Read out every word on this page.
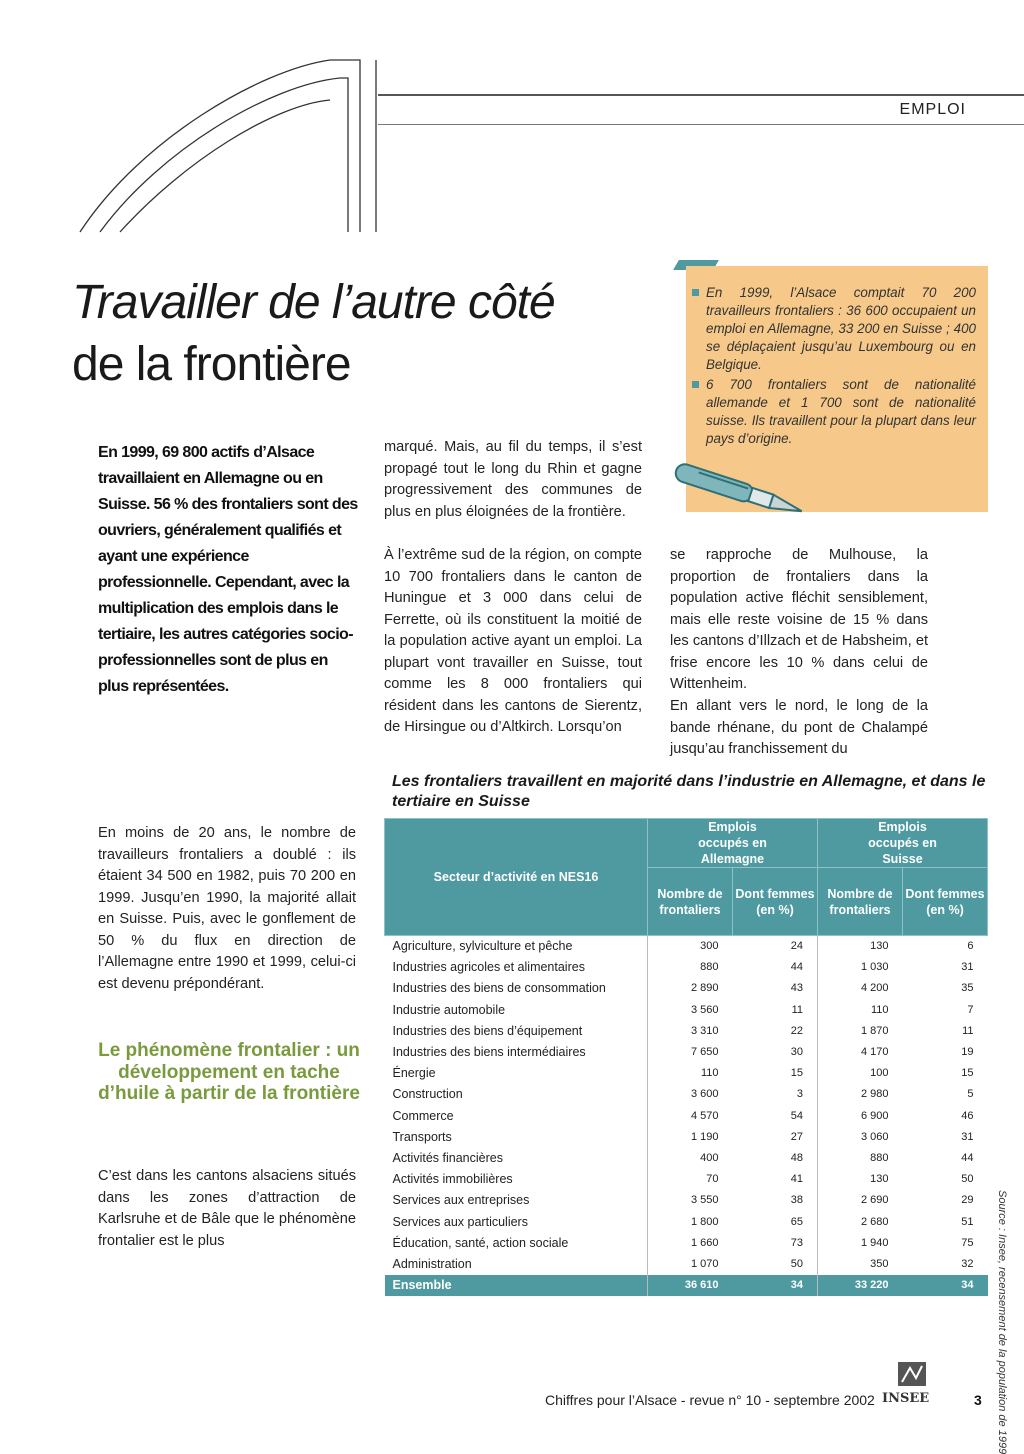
EMPLOI
Travailler de l’autre côté
de la frontière

En 1999, l’Alsace comptait 70 200 travailleurs frontaliers : 36 600 occupaient un emploi en Allemagne, 33 200 en Suisse ; 400 se déplaçaient jusqu’au Luxembourg ou en Belgique.

6 700 frontaliers sont de nationalité allemande et 1 700 sont de nationalité suisse. Ils travaillent pour la plupart dans leur pays d’origine.

En 1999, 69 800 actifs d’Alsace travaillaient en Allemagne ou en Suisse. 56 % des frontaliers sont des ouvriers, généralement qualifiés et ayant une expérience professionnelle. Cependant, avec la multiplication des emplois dans le tertiaire, les autres catégories socio-professionnelles sont de plus en plus représentées.
En moins de 20 ans, le nombre de travailleurs frontaliers a doublé : ils étaient 34 500 en 1982, puis 70 200 en 1999. Jusqu’en 1990, la majorité allait en Suisse. Puis, avec le gonflement de 50 % du flux en direction de l’Allemagne entre 1990 et 1999, celui-ci est devenu prépondérant.
Le phénomène frontalier : un développement en tache d’huile à partir de la frontière
C’est dans les cantons alsaciens situés dans les zones d’attraction de Karlsruhe et de Bâle que le phénomène frontalier est le plus
marqué. Mais, au fil du temps, il s’est propagé tout le long du Rhin et gagne progressivement des communes de plus en plus éloignées de la frontière.
À l’extrême sud de la région, on compte 10 700 frontaliers dans le canton de Huningue et 3 000 dans celui de Ferrette, où ils constituent la moitié de la population active ayant un emploi. La plupart vont travailler en Suisse, tout comme les 8 000 frontaliers qui résident dans les cantons de Sierentz, de Hirsingue ou d’Altkirch. Lorsqu’on
se rapproche de Mulhouse, la proportion de frontaliers dans la population active fléchit sensiblement, mais elle reste voisine de 15 % dans les cantons d’Illzach et de Habsheim, et frise encore les 10 % dans celui de Wittenheim.
En allant vers le nord, le long de la bande rhénane, du pont de Chalampé jusqu’au franchissement du
Les frontaliers travaillent en majorité dans l’industrie en Allemagne, et dans le tertiaire en Suisse
Secteur d’activité en NES16	Emplois occupés en Allemagne		Emplois occupés en Suisse	
	Nombre de frontaliers	Dont femmes (en %)	Nombre de frontaliers	Dont femmes (en %)
Agriculture, sylviculture et pêche	300	24	130	6
Industries agricoles et alimentaires	880	44	1 030	31
Industries des biens de consommation	2 890	43	4 200	35
Industrie automobile	3 560	11	110	7
Industries des biens d’équipement	3 310	22	1 870	11
Industries des biens intermédiaires	7 650	30	4 170	19
Énergie	110	15	100	15
Construction	3 600	3	2 980	5
Commerce	4 570	54	6 900	46
Transports	1 190	27	3 060	31
Activités financières	400	48	880	44
Activités immobilières	70	41	130	50
Services aux entreprises	3 550	38	2 690	29
Services aux particuliers	1 800	65	2 680	51
Éducation, santé, action sociale	1 660	73	1 940	75
Administration	1 070	50	350	32
Ensemble	36 610	34	33 220	34	Source : Insee, recensement de la population de 1999
Chiffres pour l’Alsace - revue n° 10 - septembre 2002 INSEE	3
